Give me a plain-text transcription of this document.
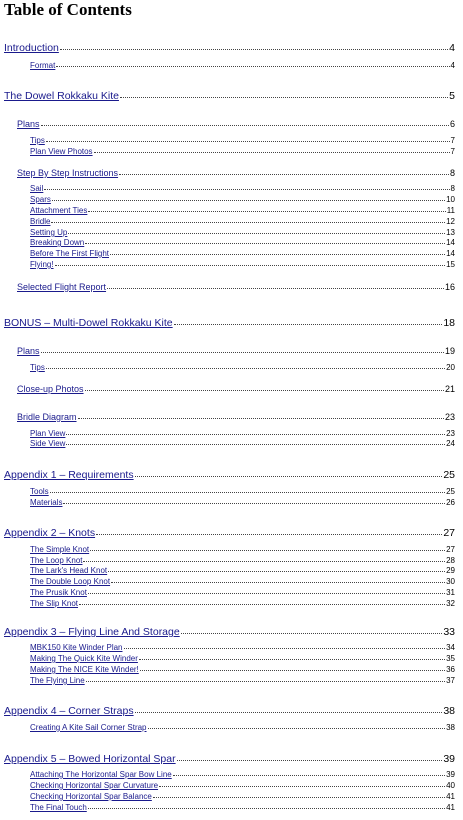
Table of Contents
Introduction	4
Format	4
The Dowel Rokkaku Kite	5
Plans	6
Tips	7
Plan View Photos	7
Step By Step Instructions	8
Sail	8
Spars	10
Attachment Ties	11
Bridle	12
Setting Up	13
Breaking Down	14
Before The First Flight	14
Flying!	15
Selected Flight Report	16
BONUS – Multi-Dowel Rokkaku Kite	18
Plans	19
Tips	20
Close-up Photos	21
Bridle Diagram	23
Plan View	23
Side View	24
Appendix 1 – Requirements	25
Tools	25
Materials	26
Appendix 2 – Knots	27
The Simple Knot	27
The Loop Knot	28
The Lark's Head Knot	29
The Double Loop Knot	30
The Prusik Knot	31
The Slip Knot	32
Appendix 3 – Flying Line And Storage	33
MBK150 Kite Winder Plan	34
Making The Quick Kite Winder	35
Making The NICE Kite Winder!	36
The Flying Line	37
Appendix 4 – Corner Straps	38
Creating A Kite Sail Corner Strap	38
Appendix 5 – Bowed Horizontal Spar	39
Attaching The Horizontal Spar Bow Line	39
Checking Horizontal Spar Curvature	40
Checking Horizontal Spar Balance	41
The Final Touch	41
